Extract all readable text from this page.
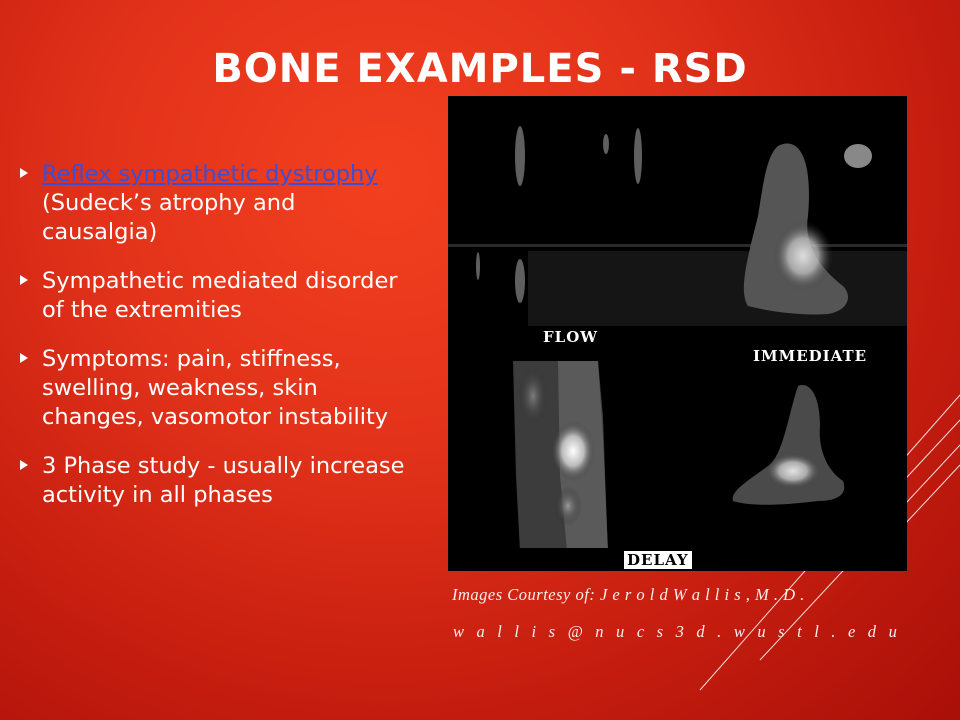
BONE EXAMPLES - RSD
Reflex sympathetic dystrophy (Sudeck’s atrophy and causalgia)
Sympathetic mediated disorder of the extremities
Symptoms: pain, stiffness, swelling, weakness, skin changes, vasomotor instability
3 Phase study - usually increase activity in all phases
FLOW
IMMEDIATE
DELAY
Images Courtesy of: J e r o l d W a l l i s , M . D .
w a l l i s @ n u c s 3 d . w u s t l . e d u
